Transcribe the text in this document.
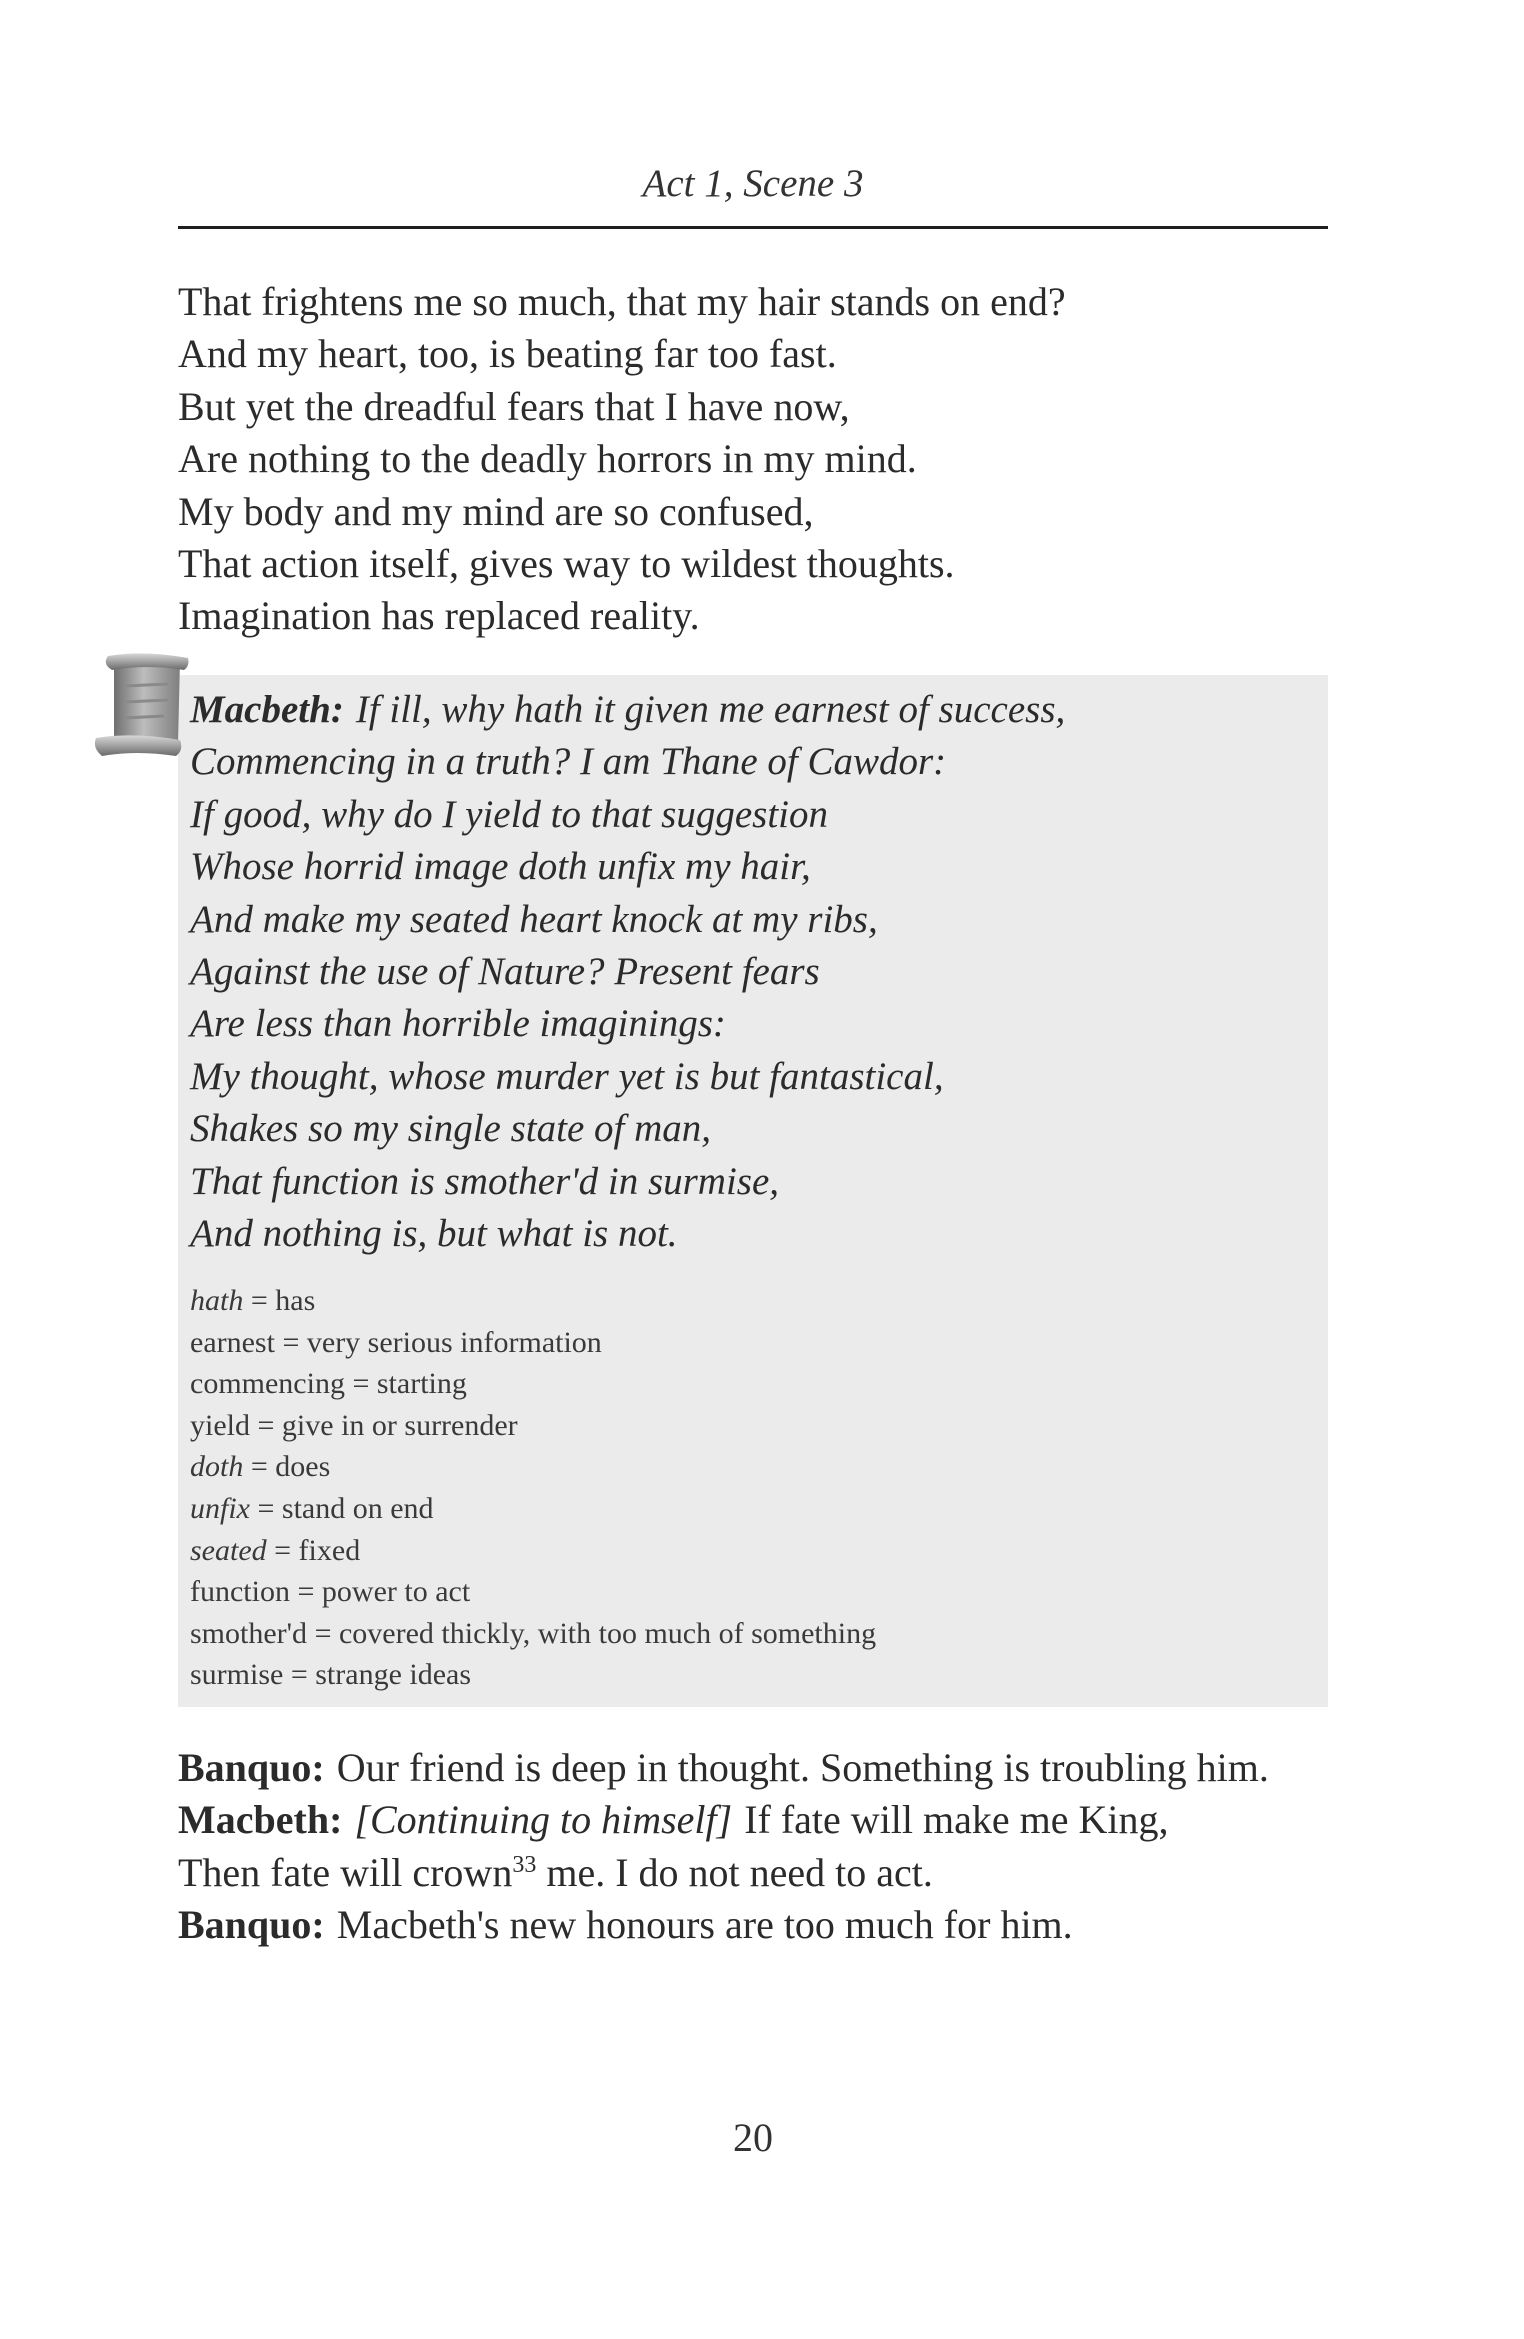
Act 1, Scene 3
That frightens me so much, that my hair stands on end?
And my heart, too, is beating far too fast.
But yet the dreadful fears that I have now,
Are nothing to the deadly horrors in my mind.
My body and my mind are so confused,
That action itself, gives way to wildest thoughts.
Imagination has replaced reality.
Macbeth: If ill, why hath it given me earnest of success,
Commencing in a truth? I am Thane of Cawdor:
If good, why do I yield to that suggestion
Whose horrid image doth unfix my hair,
And make my seated heart knock at my ribs,
Against the use of Nature? Present fears
Are less than horrible imaginings:
My thought, whose murder yet is but fantastical,
Shakes so my single state of man,
That function is smother'd in surmise,
And nothing is, but what is not.
hath = has
earnest = very serious information
commencing = starting
yield = give in or surrender
doth = does
unfix = stand on end
seated = fixed
function = power to act
smother'd = covered thickly, with too much of something
surmise = strange ideas
Banquo: Our friend is deep in thought. Something is troubling him.
Macbeth: [Continuing to himself] If fate will make me King,
Then fate will crown$^{33}$ me. I do not need to act.
Banquo: Macbeth's new honours are too much for him.
20
